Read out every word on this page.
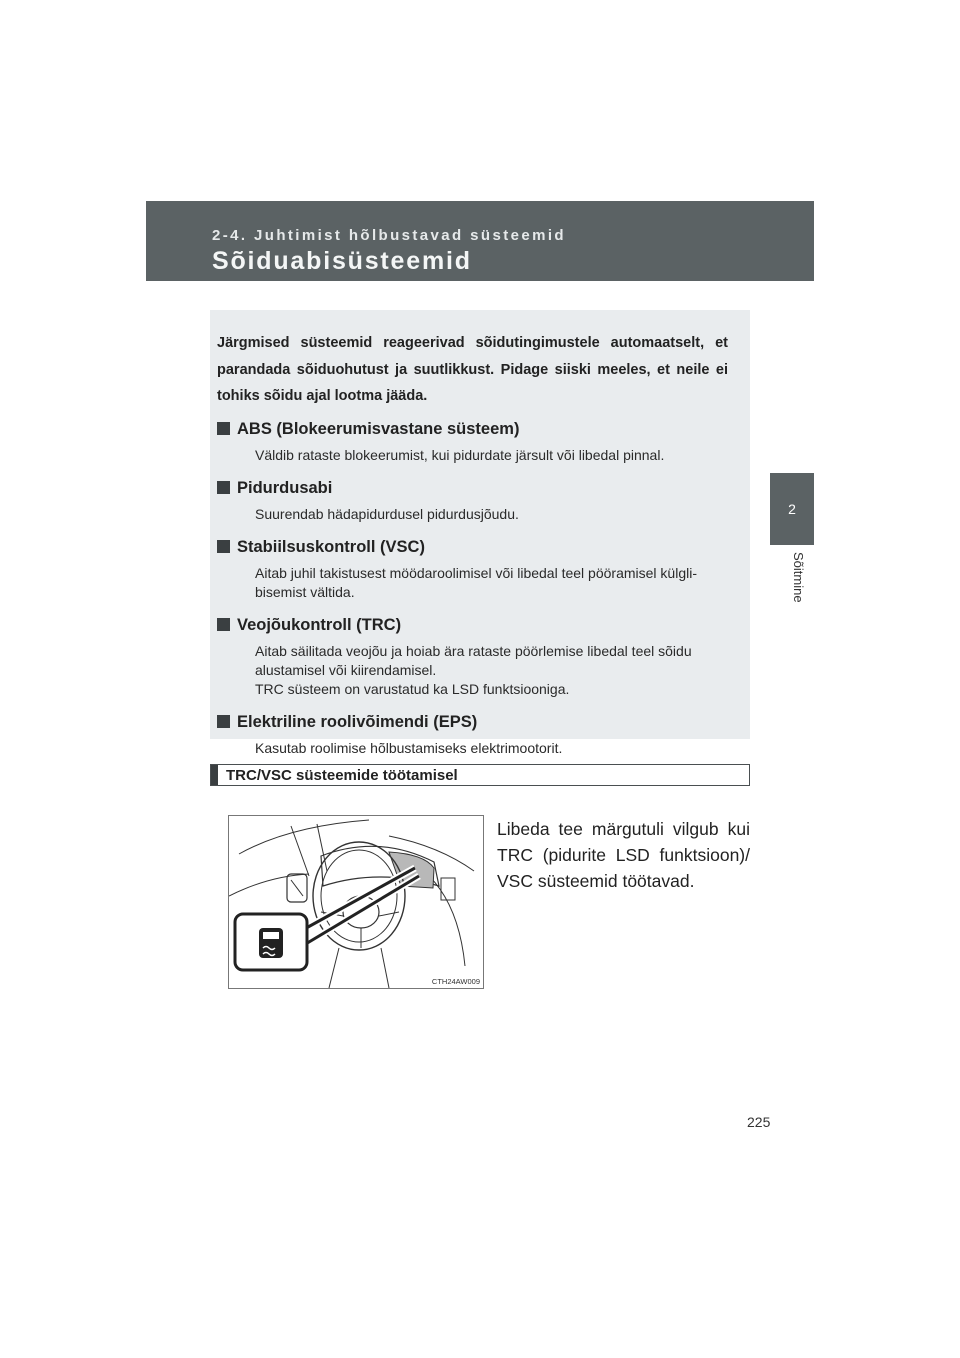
2-4. Juhtimist hõlbustavad süsteemid
Sõiduabisüsteemid
2
Sõitmine

Järgmised süsteemid reageerivad sõidutingimustele automaatselt, et parandada sõiduohutust ja suutlikkust. Pidage siiski meeles, et neile ei tohiks sõidu ajal lootma jääda.

ABS (Blokeerumisvastane süsteem)

Väldib rataste blokeerumist, kui pidurdate järsult või libedal pinnal.

Pidurdusabi

Suurendab hädapidurdusel pidurdusjõudu.

Stabiilsuskontroll (VSC)

Aitab juhil takistusest möödaroolimisel või libedal teel pööramisel külgli-bisemist vältida.

Veojõukontroll (TRC)

Aitab säilitada veojõu ja hoiab ära rataste pöörlemise libedal teel sõidu alustamisel või kiirendamisel.

TRC süsteem on varustatud ka LSD funktsiooniga.

Elektriline roolivõimendi (EPS)

Kasutab roolimise hõlbustamiseks elektrimootorit.

TRC/VSC süsteemide töötamisel
CTH24AW009
Libeda tee märgutuli vilgub kui TRC (pidurite LSD funktsioon)/ VSC süsteemid töötavad.
225
